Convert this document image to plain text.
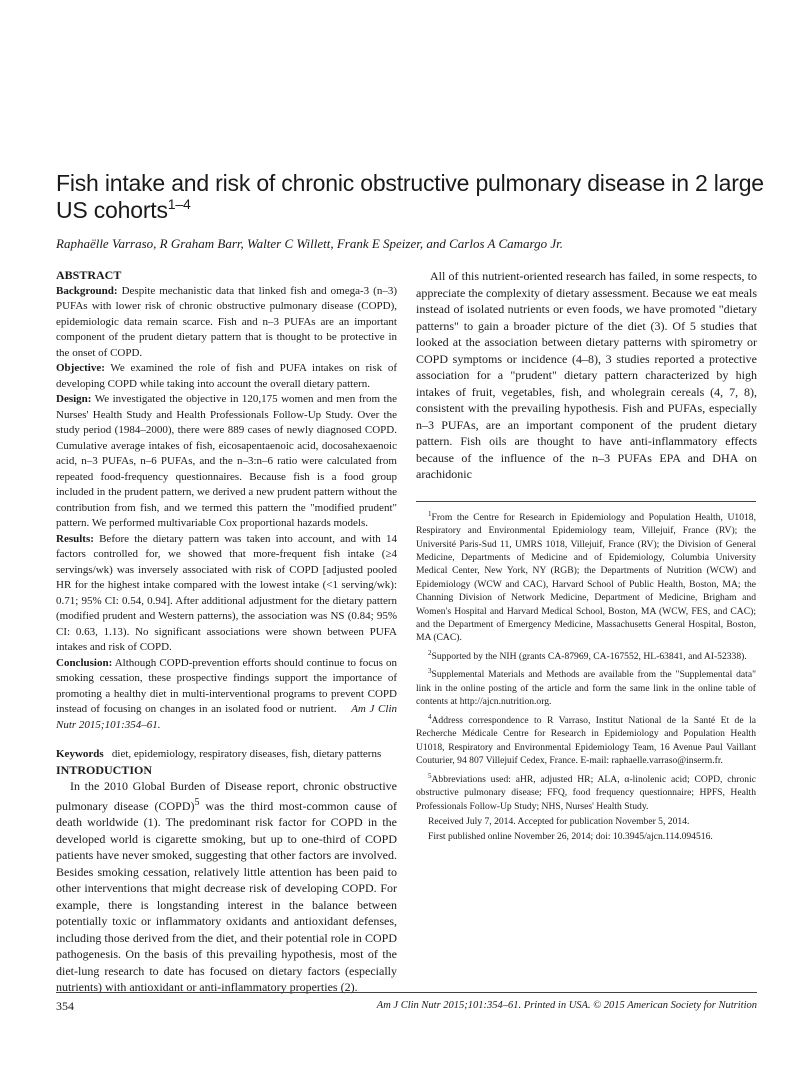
Fish intake and risk of chronic obstructive pulmonary disease in 2 large US cohorts$^{1-4}$

Raphaëlle Varraso, R Graham Barr, Walter C Willett, Frank E Speizer, and Carlos A Camargo Jr.

ABSTRACT

Background: Despite mechanistic data that linked fish and omega-3 (n–3) PUFAs with lower risk of chronic obstructive pulmonary disease (COPD), epidemiologic data remain scarce. Fish and n–3 PUFAs are an important component of the prudent dietary pattern that is thought to be protective in the onset of COPD.

Objective: We examined the role of fish and PUFA intakes on risk of developing COPD while taking into account the overall dietary pattern.

Design: We investigated the objective in 120,175 women and men from the Nurses' Health Study and Health Professionals Follow-Up Study. Over the study period (1984–2000), there were 889 cases of newly diagnosed COPD. Cumulative average intakes of fish, eicosapentaenoic acid, docosahexaenoic acid, n–3 PUFAs, n–6 PUFAs, and the n–3:n–6 ratio were calculated from repeated food-frequency questionnaires. Because fish is a food group included in the prudent pattern, we derived a new prudent pattern without the contribution from fish, and we termed this pattern the "modified prudent" pattern. We performed multivariable Cox proportional hazards models.

Results: Before the dietary pattern was taken into account, and with 14 factors controlled for, we showed that more-frequent fish intake (≥4 servings/wk) was inversely associated with risk of COPD [adjusted pooled HR for the highest intake compared with the lowest intake (<1 serving/wk): 0.71; 95% CI: 0.54, 0.94]. After additional adjustment for the dietary pattern (modified prudent and Western patterns), the association was NS (0.84; 95% CI: 0.63, 1.13). No significant associations were shown between PUFA intakes and risk of COPD.

Conclusion: Although COPD-prevention efforts should continue to focus on smoking cessation, these prospective findings support the importance of promoting a healthy diet in multi-interventional programs to prevent COPD instead of focusing on changes in an isolated food or nutrient. Am J Clin Nutr 2015;101:354–61.

Keywords diet, epidemiology, respiratory diseases, fish, dietary patterns

INTRODUCTION

In the 2010 Global Burden of Disease report, chronic obstructive pulmonary disease (COPD)$^5$ was the third most-common cause of death worldwide (1). The predominant risk factor for COPD in the developed world is cigarette smoking, but up to one-third of COPD patients have never smoked, suggesting that other factors are involved. Besides smoking cessation, relatively little attention has been paid to other interventions that might decrease risk of developing COPD. For example, there is longstanding interest in the balance between potentially toxic or inflammatory oxidants and antioxidant defenses, including those derived from the diet, and their potential role in COPD pathogenesis. On the basis of this prevailing hypothesis, most of the diet-lung research to date has focused on dietary factors (especially nutrients) with antioxidant or anti-inflammatory properties (2).

All of this nutrient-oriented research has failed, in some respects, to appreciate the complexity of dietary assessment. Because we eat meals instead of isolated nutrients or even foods, we have promoted "dietary patterns" to gain a broader picture of the diet (3). Of 5 studies that looked at the association between dietary patterns with spirometry or COPD symptoms or incidence (4–8), 3 studies reported a protective association for a "prudent" dietary pattern characterized by high intakes of fruit, vegetables, fish, and wholegrain cereals (4, 7, 8), consistent with the prevailing hypothesis. Fish and PUFAs, especially n–3 PUFAs, are an important component of the prudent dietary pattern. Fish oils are thought to have anti-inflammatory effects because of the influence of the n–3 PUFAs EPA and DHA on arachidonic

$^1$From the Centre for Research in Epidemiology and Population Health, U1018, Respiratory and Environmental Epidemiology team, Villejuif, France (RV); the Université Paris-Sud 11, UMRS 1018, Villejuif, France (RV); the Division of General Medicine, Departments of Medicine and of Epidemiology, Columbia University Medical Center, New York, NY (RGB); the Departments of Nutrition (WCW) and Epidemiology (WCW and CAC), Harvard School of Public Health, Boston, MA; the Channing Division of Network Medicine, Department of Medicine, Brigham and Women's Hospital and Harvard Medical School, Boston, MA (WCW, FES, and CAC); and the Department of Emergency Medicine, Massachusetts General Hospital, Boston, MA (CAC).

$^2$Supported by the NIH (grants CA-87969, CA-167552, HL-63841, and AI-52338).

$^3$Supplemental Materials and Methods are available from the "Supplemental data" link in the online posting of the article and form the same link in the online table of contents at http://ajcn.nutrition.org.

$^4$Address correspondence to R Varraso, Institut National de la Santé Et de la Recherche Médicale Centre for Research in Epidemiology and Population Health U1018, Respiratory and Environmental Epidemiology Team, 16 Avenue Paul Vaillant Couturier, 94 807 Villejuif Cedex, France. E-mail: raphaelle.varraso@inserm.fr.

$^5$Abbreviations used: aHR, adjusted HR; ALA, α-linolenic acid; COPD, chronic obstructive pulmonary disease; FFQ, food frequency questionnaire; HPFS, Health Professionals Follow-Up Study; NHS, Nurses' Health Study.

Received July 7, 2014. Accepted for publication November 5, 2014.

First published online November 26, 2014; doi: 10.3945/ajcn.114.094516.

354	Am J Clin Nutr 2015;101:354–61. Printed in USA. © 2015 American Society for Nutrition
